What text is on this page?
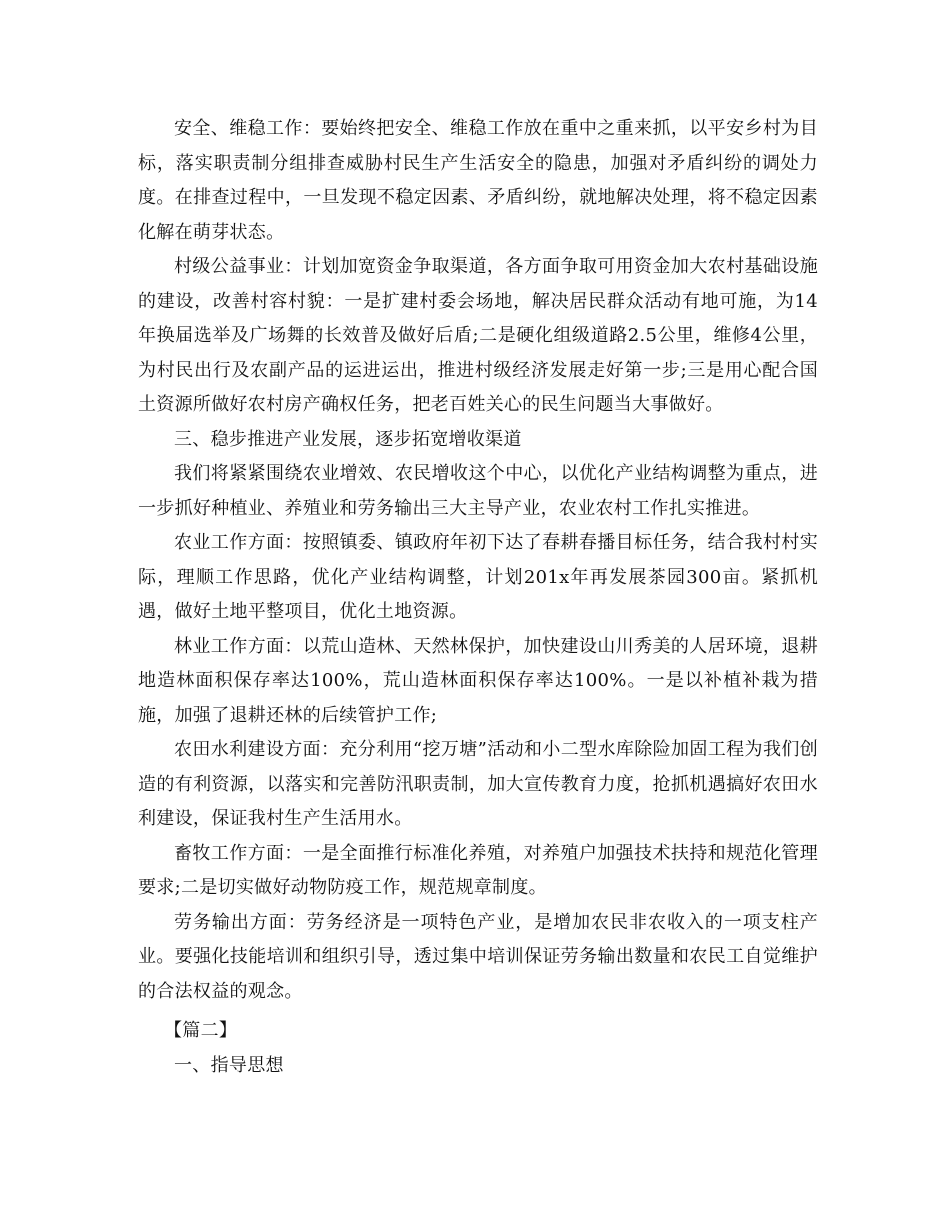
安全、维稳工作：要始终把安全、维稳工作放在重中之重来抓，以平安乡村为目标，落实职责制分组排查威胁村民生产生活安全的隐患，加强对矛盾纠纷的调处力度。在排查过程中，一旦发现不稳定因素、矛盾纠纷，就地解决处理，将不稳定因素化解在萌芽状态。

村级公益事业：计划加宽资金争取渠道，各方面争取可用资金加大农村基础设施的建设，改善村容村貌：一是扩建村委会场地，解决居民群众活动有地可施，为14年换届选举及广场舞的长效普及做好后盾;二是硬化组级道路2.5公里，维修4公里，为村民出行及农副产品的运进运出，推进村级经济发展走好第一步;三是用心配合国土资源所做好农村房产确权任务，把老百姓关心的民生问题当大事做好。

三、稳步推进产业发展，逐步拓宽增收渠道

我们将紧紧围绕农业增效、农民增收这个中心，以优化产业结构调整为重点，进一步抓好种植业、养殖业和劳务输出三大主导产业，农业农村工作扎实推进。

农业工作方面：按照镇委、镇政府年初下达了春耕春播目标任务，结合我村村实际，理顺工作思路，优化产业结构调整，计划201x年再发展茶园300亩。紧抓机遇，做好土地平整项目，优化土地资源。

林业工作方面：以荒山造林、天然林保护，加快建设山川秀美的人居环境，退耕地造林面积保存率达100%，荒山造林面积保存率达100%。一是以补植补栽为措施，加强了退耕还林的后续管护工作;

农田水利建设方面：充分利用“挖万塘”活动和小二型水库除险加固工程为我们创造的有利资源，以落实和完善防汛职责制，加大宣传教育力度，抢抓机遇搞好农田水利建设，保证我村生产生活用水。

畜牧工作方面：一是全面推行标准化养殖，对养殖户加强技术扶持和规范化管理要求;二是切实做好动物防疫工作，规范规章制度。

劳务输出方面：劳务经济是一项特色产业，是增加农民非农收入的一项支柱产业。要强化技能培训和组织引导，透过集中培训保证劳务输出数量和农民工自觉维护的合法权益的观念。

【篇二】

一、指导思想
